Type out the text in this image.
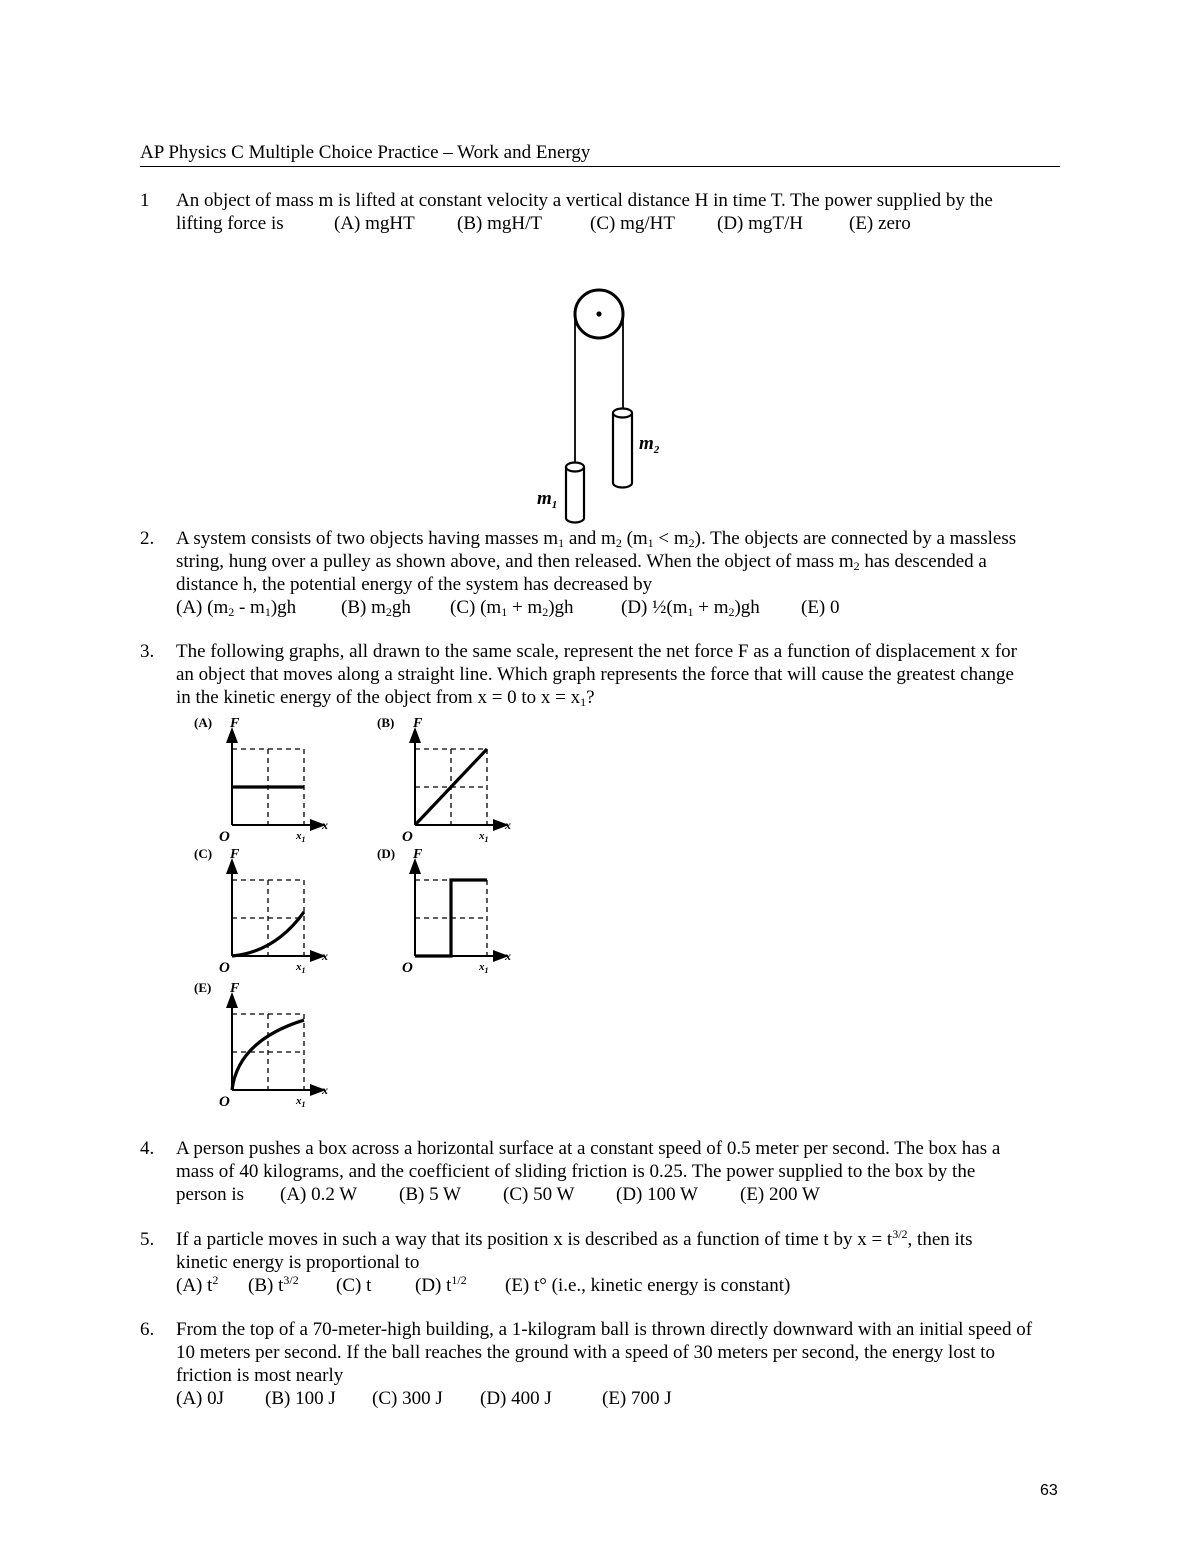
AP Physics C Multiple Choice Practice – Work and Energy
1 An object of mass m is lifted at constant velocity a vertical distance H in time T. The power supplied by the
lifting force is	(A) mgHT (B) mgH/T	(C) mg/HT (D) mgT/H (E) zero
$m_1$
$m_2$
2. A system consists of two objects having masses $m_1$ and $m_2$ $(m_1 < m_2)$. The objects are connected by a massless
string, hung over a pulley as shown above, and then released. When the object of mass $m_2$ has descended a
distance h, the potential energy of the system has decreased by
(A) $(m_2 - m_1)gh$ (B) $m_2gh$ (C) $(m_1 + m_2)gh$ (D) $\frac{1}{2}(m_1 + m_2)gh$ (E) 0
3. The following graphs, all drawn to the same scale, represent the net force F as a function of displacement x for
an object that moves along a straight line. Which graph represents the force that will cause the greatest change
in the kinetic energy of the object from x = 0 to $x = x_1$?
(A) F
O
x
$x_1$
(B) F
O
x
$x_1$
(C) F
O
x
$x_1$
(D) F
O
x
$x_1$
(E) F
O
x
$x_1$
4. A person pushes a box across a horizontal surface at a constant speed of 0.5 meter per second. The box has a
mass of 40 kilograms, and the coefficient of sliding friction is 0.25. The power supplied to the box by the
person is (A) 0.2 W (B) 5 W (C) 50 W (D) 100 W (E) 200 W
5. If a particle moves in such a way that its position x is described as a function of time t by $x = t^{3/2}$, then its
kinetic energy is proportional to
(A) $t^2$ (B) $t^{3/2}$ (C) t (D) $t^{1/2}$ (E) t° (i.e., kinetic energy is constant)
6. From the top of a 70-meter-high building, a 1-kilogram ball is thrown directly downward with an initial speed of
10 meters per second. If the ball reaches the ground with a speed of 30 meters per second, the energy lost to
friction is most nearly
(A) 0J (B) 100 J (C) 300 J (D) 400 J	(E) 700 J
63
